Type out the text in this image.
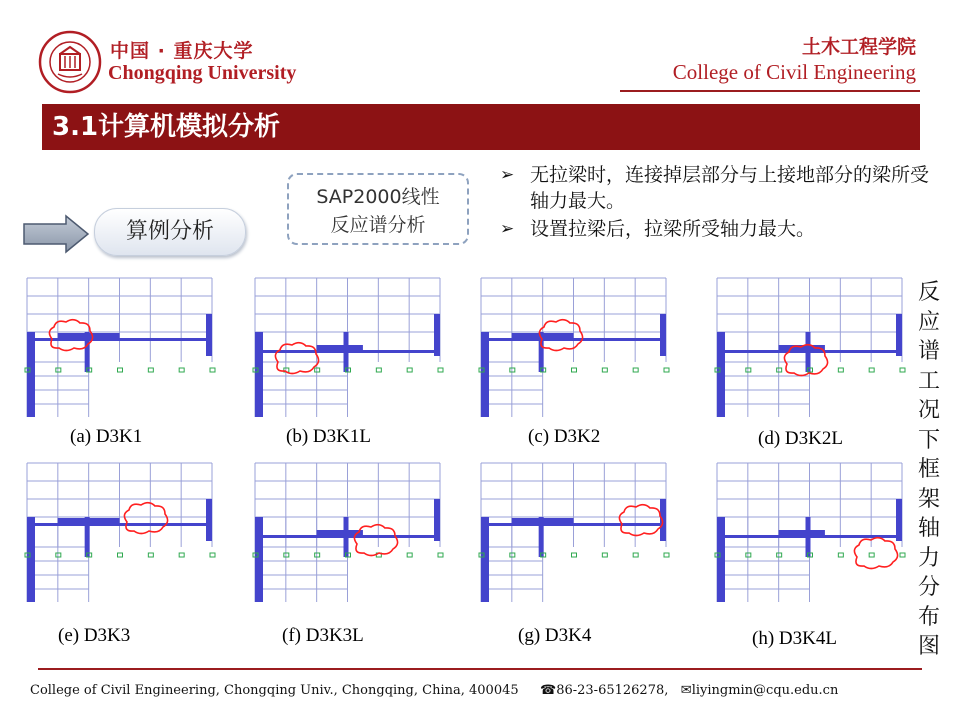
中国 · 重庆大学
Chongqing University
土木工程学院
College of Civil Engineering
3.1计算机模拟分析
算例分析
SAP2000线性
反应谱分析
➢ 无拉梁时，连接掉层部分与上接地部分的梁所受轴力最大。
➢ 设置拉梁后，拉梁所受轴力最大。
反应谱工况下框架轴力分布图
(a) D3K1	(b) D3K1L	(c) D3K2	(d) D3K2L
(e) D3K3	(f) D3K3L	(g) D3K4	(h) D3K4L
College of Civil Engineering, Chongqing Univ., Chongqing, China, 400045 ☎86-23-65126278, ✉liyingmin@cqu.edu.cn
